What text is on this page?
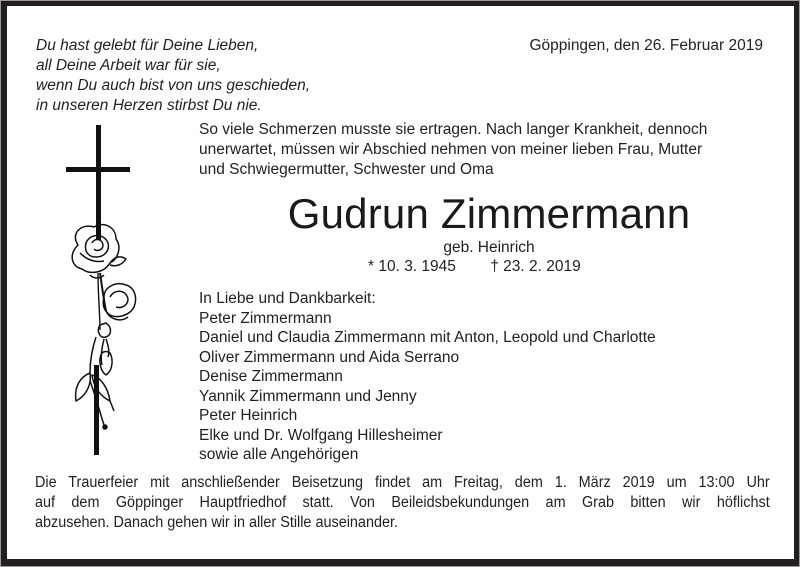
Du hast gelebt für Deine Lieben,
all Deine Arbeit war für sie,
wenn Du auch bist von uns geschieden,
in unseren Herzen stirbst Du nie.
Göppingen, den 26. Februar 2019
So viele Schmerzen musste sie ertragen. Nach langer Krankheit, dennoch
unerwartet, müssen wir Abschied nehmen von meiner lieben Frau, Mutter
und Schwiegermutter, Schwester und Oma
Gudrun Zimmermann
geb. Heinrich
* 10. 3. 1945 † 23. 2. 2019
In Liebe und Dankbarkeit:
Peter Zimmermann
Daniel und Claudia Zimmermann mit Anton, Leopold und Charlotte
Oliver Zimmermann und Aida Serrano
Denise Zimmermann
Yannik Zimmermann und Jenny
Peter Heinrich
Elke und Dr. Wolfgang Hillesheimer
sowie alle Angehörigen
Die Trauerfeier mit anschließender Beisetzung findet am Freitag, dem 1. März 2019 um 13:00 Uhr
auf dem Göppinger Hauptfriedhof statt. Von Beileidsbekundungen am Grab bitten wir höflichst
abzusehen. Danach gehen wir in aller Stille auseinander.
